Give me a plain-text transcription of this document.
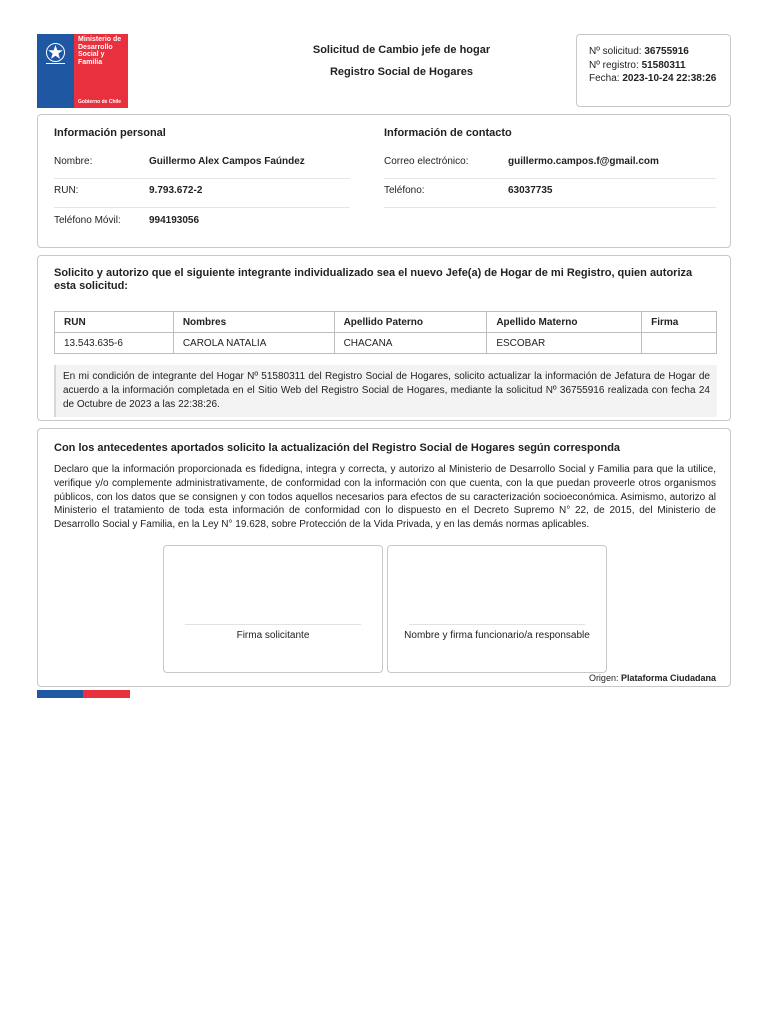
Ministerio de
Desarrollo
Social y
Familia
Gobierno de Chile
Solicitud de Cambio jefe de hogar
Registro Social de Hogares
Nº solicitud: 36755916
Nº registro: 51580311
Fecha: 2023-10-24 22:38:26
Información personal	Información de contacto
Nombre:	Guillermo Alex Campos Faúndez	Correo electrónico:	guillermo.campos.f@gmail.com
RUN:	9.793.672-2	Teléfono:	63037735
Teléfono Móvil:	994193056
Solicito y autorizo que el siguiente integrante individualizado sea el nuevo Jefe(a) de Hogar de mi Registro, quien autoriza esta solicitud:
RUN	Nombres	Apellido Paterno	Apellido Materno	Firma
13.543.635-6	CAROLA NATALIA	CHACANA	ESCOBAR	
En mi condición de integrante del Hogar Nº 51580311 del Registro Social de Hogares, solicito actualizar la información de Jefatura de Hogar de acuerdo a la información completada en el Sitio Web del Registro Social de Hogares, mediante la solicitud Nº 36755916 realizada con fecha 24 de Octubre de 2023 a las 22:38:26.
Con los antecedentes aportados solicito la actualización del Registro Social de Hogares según corresponda
Declaro que la información proporcionada es fidedigna, integra y correcta, y autorizo al Ministerio de Desarrollo Social y Familia para que la utilice, verifique y/o complemente administrativamente, de conformidad con la información con que cuenta, con la que puedan proveerle otros organismos públicos, con los datos que se consignen y con todos aquellos necesarios para efectos de su caracterización socioeconómica. Asimismo, autorizo al Ministerio el tratamiento de toda esta información de conformidad con lo dispuesto en el Decreto Supremo N° 22, de 2015, del Ministerio de Desarrollo Social y Familia, en la Ley N° 19.628, sobre Protección de la Vida Privada, y en las demás normas aplicables.
Firma solicitante	Nombre y firma funcionario/a responsable
Origen: Plataforma Ciudadana
